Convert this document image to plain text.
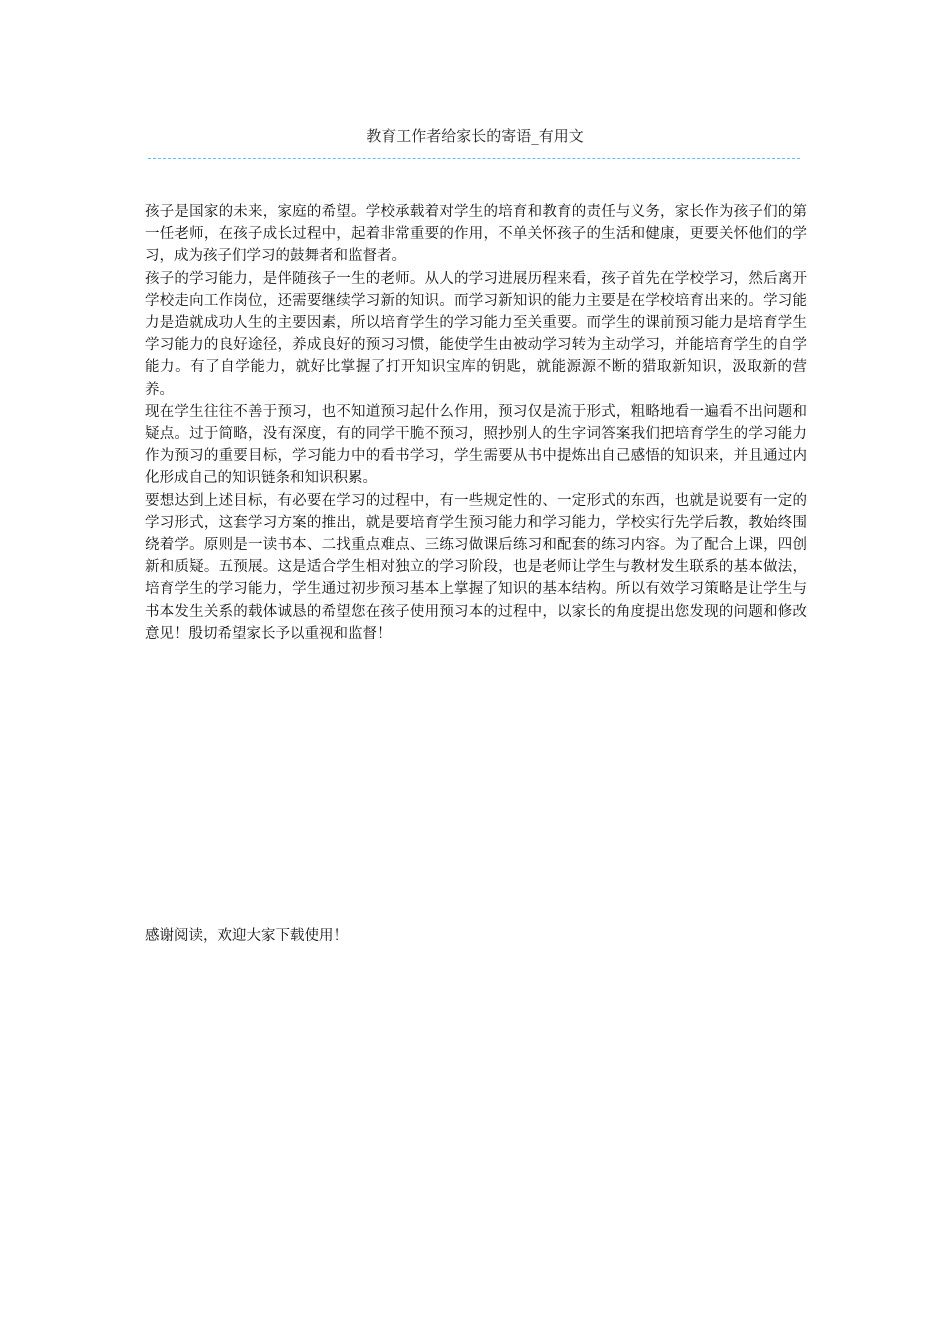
教育工作者给家长的寄语_有用文

孩子是国家的未来，家庭的希望。学校承载着对学生的培育和教育的责任与义务，家长作为孩子们的第一任老师，在孩子成长过程中，起着非常重要的作用，不单关怀孩子的生活和健康，更要关怀他们的学习，成为孩子们学习的鼓舞者和监督者。

孩子的学习能力，是伴随孩子一生的老师。从人的学习进展历程来看，孩子首先在学校学习，然后离开学校走向工作岗位，还需要继续学习新的知识。而学习新知识的能力主要是在学校培育出来的。学习能力是造就成功人生的主要因素，所以培育学生的学习能力至关重要。而学生的课前预习能力是培育学生学习能力的良好途径，养成良好的预习习惯，能使学生由被动学习转为主动学习，并能培育学生的自学能力。有了自学能力，就好比掌握了打开知识宝库的钥匙，就能源源不断的猎取新知识，汲取新的营养。

现在学生往往不善于预习，也不知道预习起什么作用，预习仅是流于形式，粗略地看一遍看不出问题和疑点。过于简略，没有深度，有的同学干脆不预习，照抄别人的生字词答案我们把培育学生的学习能力作为预习的重要目标，学习能力中的看书学习，学生需要从书中提炼出自己感悟的知识来，并且通过内化形成自己的知识链条和知识积累。

要想达到上述目标，有必要在学习的过程中，有一些规定性的、一定形式的东西，也就是说要有一定的学习形式，这套学习方案的推出，就是要培育学生预习能力和学习能力，学校实行先学后教，教始终围绕着学。原则是一读书本、二找重点难点、三练习做课后练习和配套的练习内容。为了配合上课，四创新和质疑。五预展。这是适合学生相对独立的学习阶段，也是老师让学生与教材发生联系的基本做法，培育学生的学习能力，学生通过初步预习基本上掌握了知识的基本结构。所以有效学习策略是让学生与书本发生关系的载体诚恳的希望您在孩子使用预习本的过程中，以家长的角度提出您发现的问题和修改意见！殷切希望家长予以重视和监督！

感谢阅读，欢迎大家下载使用！
